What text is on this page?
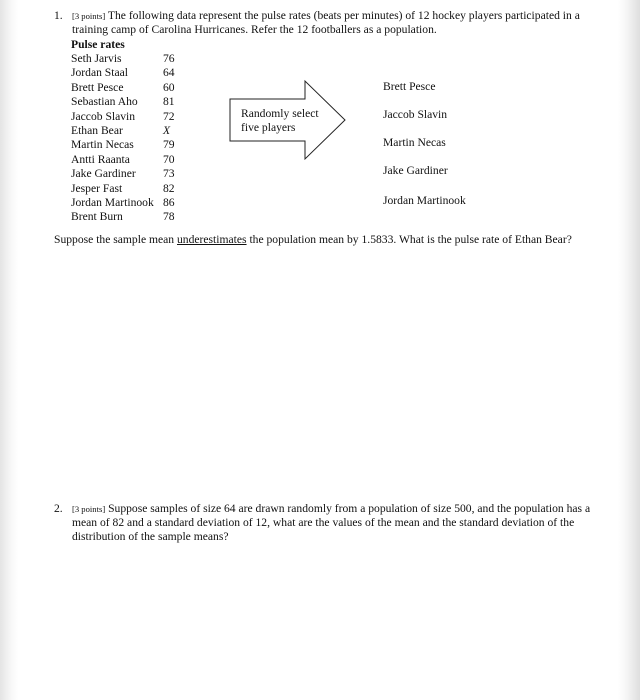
1. [3 points] The following data represent the pulse rates (beats per minutes) of 12 hockey players participated in a training camp of Carolina Hurricanes. Refer the 12 footballers as a population.
Pulse rates
Seth Jarvis	76
Jordan Staal	64
Brett Pesce	60
Sebastian Aho 81
Jaccob Slavin 72
Ethan Bear	X
Martin Necas	79
Antti Raanta	70
Jake Gardiner 73
Jesper Fast	82
Jordan Martinook 86
Brent Burn	78
Randomly select
five players
Brett Pesce
Jaccob Slavin
Martin Necas
Jake Gardiner
Jordan Martinook
Suppose the sample mean underestimates the population mean by 1.5833. What is the pulse rate of Ethan Bear?
2. [3 points] Suppose samples of size 64 are drawn randomly from a population of size 500, and the population has a mean of 82 and a standard deviation of 12, what are the values of the mean and the standard deviation of the distribution of the sample means?
